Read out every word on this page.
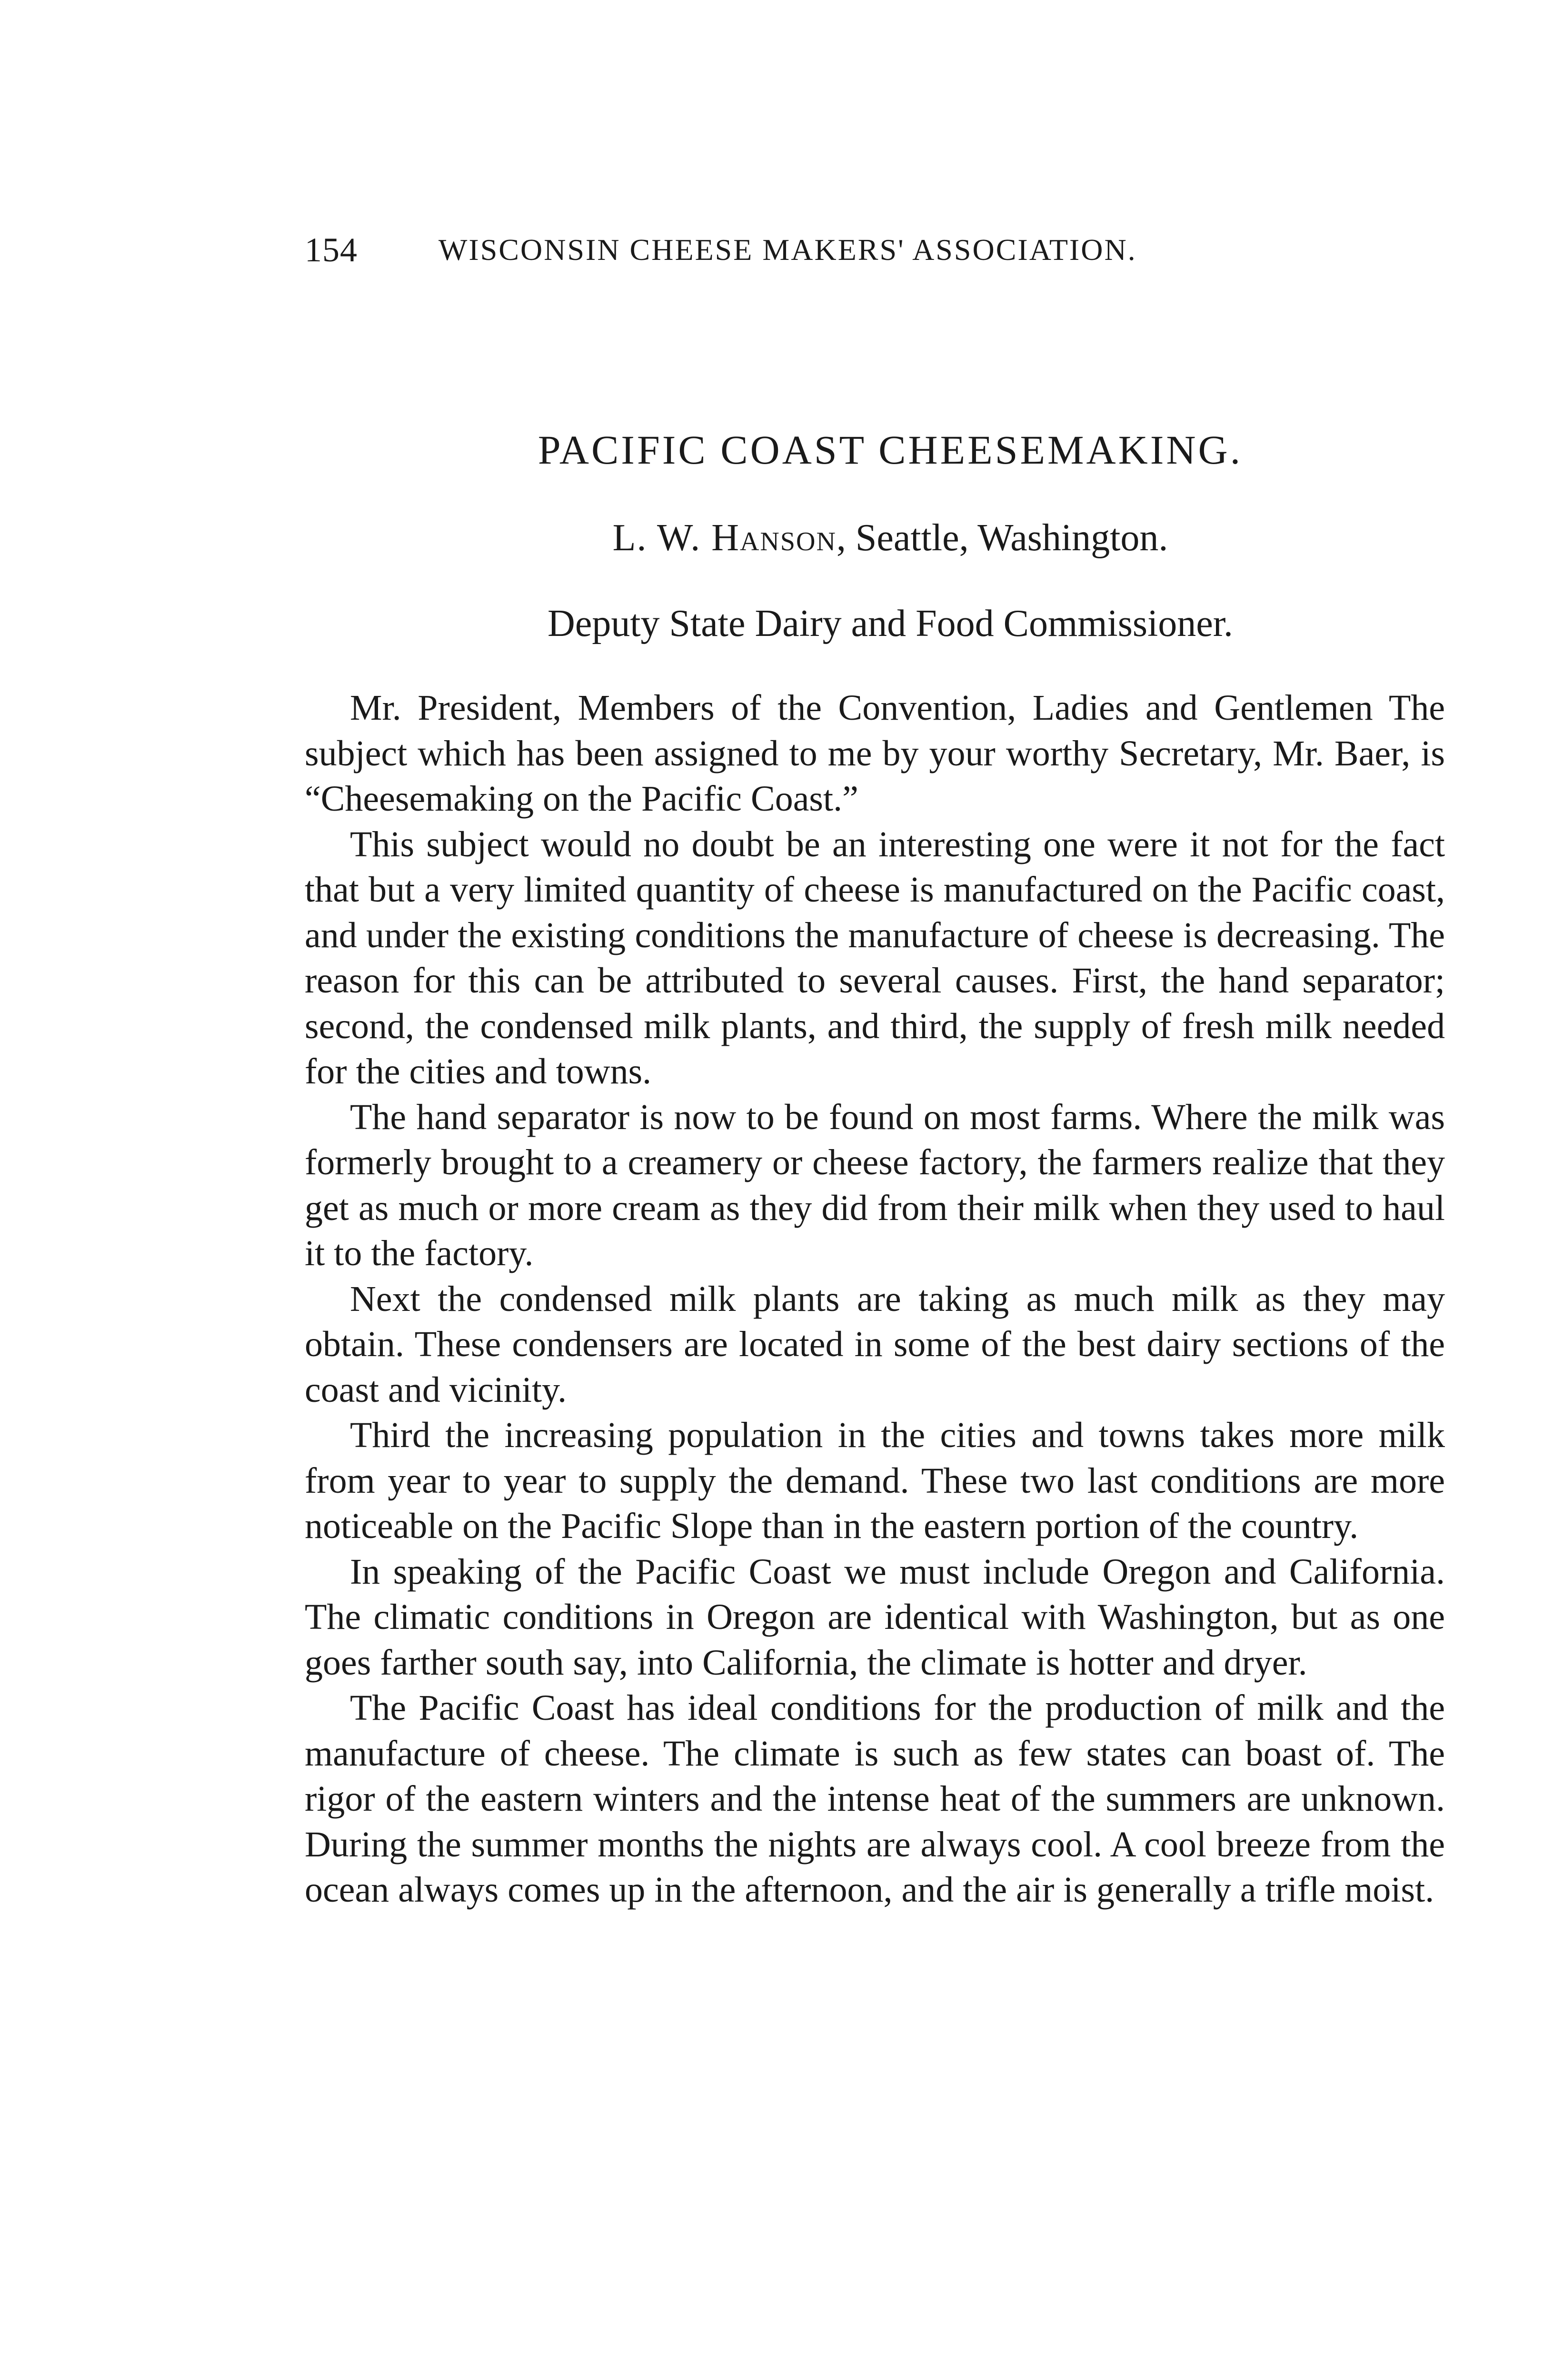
154	WISCONSIN CHEESE MAKERS' ASSOCIATION.
PACIFIC COAST CHEESEMAKING.

L. W. Hanson, Seattle, Washington.

Deputy State Dairy and Food Commissioner.

Mr. President, Members of the Convention, Ladies and Gentlemen The subject which has been assigned to me by your worthy Secretary, Mr. Baer, is “Cheesemaking on the Pacific Coast.”

This subject would no doubt be an interesting one were it not for the fact that but a very limited quantity of cheese is manufactured on the Pacific coast, and under the existing conditions the manufacture of cheese is decreasing. The reason for this can be attributed to several causes. First, the hand separator; second, the condensed milk plants, and third, the supply of fresh milk needed for the cities and towns.

The hand separator is now to be found on most farms. Where the milk was formerly brought to a creamery or cheese factory, the farmers realize that they get as much or more cream as they did from their milk when they used to haul it to the factory.

Next the condensed milk plants are taking as much milk as they may obtain. These condensers are located in some of the best dairy sections of the coast and vicinity.

Third the increasing population in the cities and towns takes more milk from year to year to supply the demand. These two last conditions are more noticeable on the Pacific Slope than in the eastern portion of the country.

In speaking of the Pacific Coast we must include Oregon and California. The climatic conditions in Oregon are identical with Washington, but as one goes farther south say, into California, the climate is hotter and dryer.

The Pacific Coast has ideal conditions for the production of milk and the manufacture of cheese. The climate is such as few states can boast of. The rigor of the eastern winters and the intense heat of the summers are unknown. During the summer months the nights are always cool. A cool breeze from the ocean always comes up in the afternoon, and the air is generally a trifle moist.
